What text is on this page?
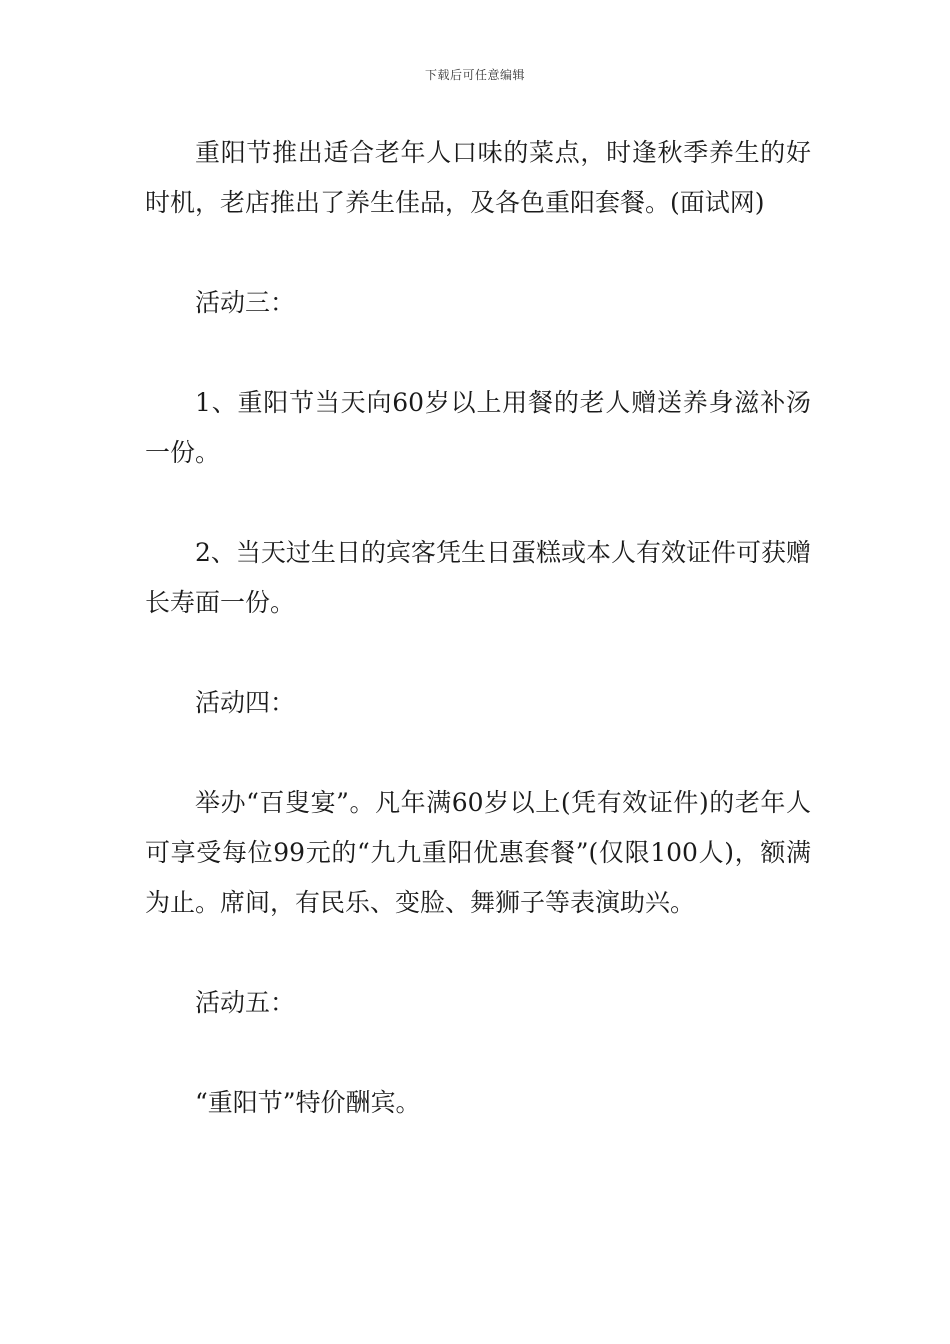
下载后可任意编辑

重阳节推出适合老年人口味的菜点，时逢秋季养生的好时机，老店推出了养生佳品，及各色重阳套餐。(面试网)

活动三：

1、重阳节当天向60岁以上用餐的老人赠送养身滋补汤一份。

2、当天过生日的宾客凭生日蛋糕或本人有效证件可获赠长寿面一份。

活动四：

举办“百叟宴”。凡年满60岁以上(凭有效证件)的老年人可享受每位99元的“九九重阳优惠套餐”(仅限100人)，额满为止。席间，有民乐、变脸、舞狮子等表演助兴。

活动五：

“重阳节”特价酬宾。
